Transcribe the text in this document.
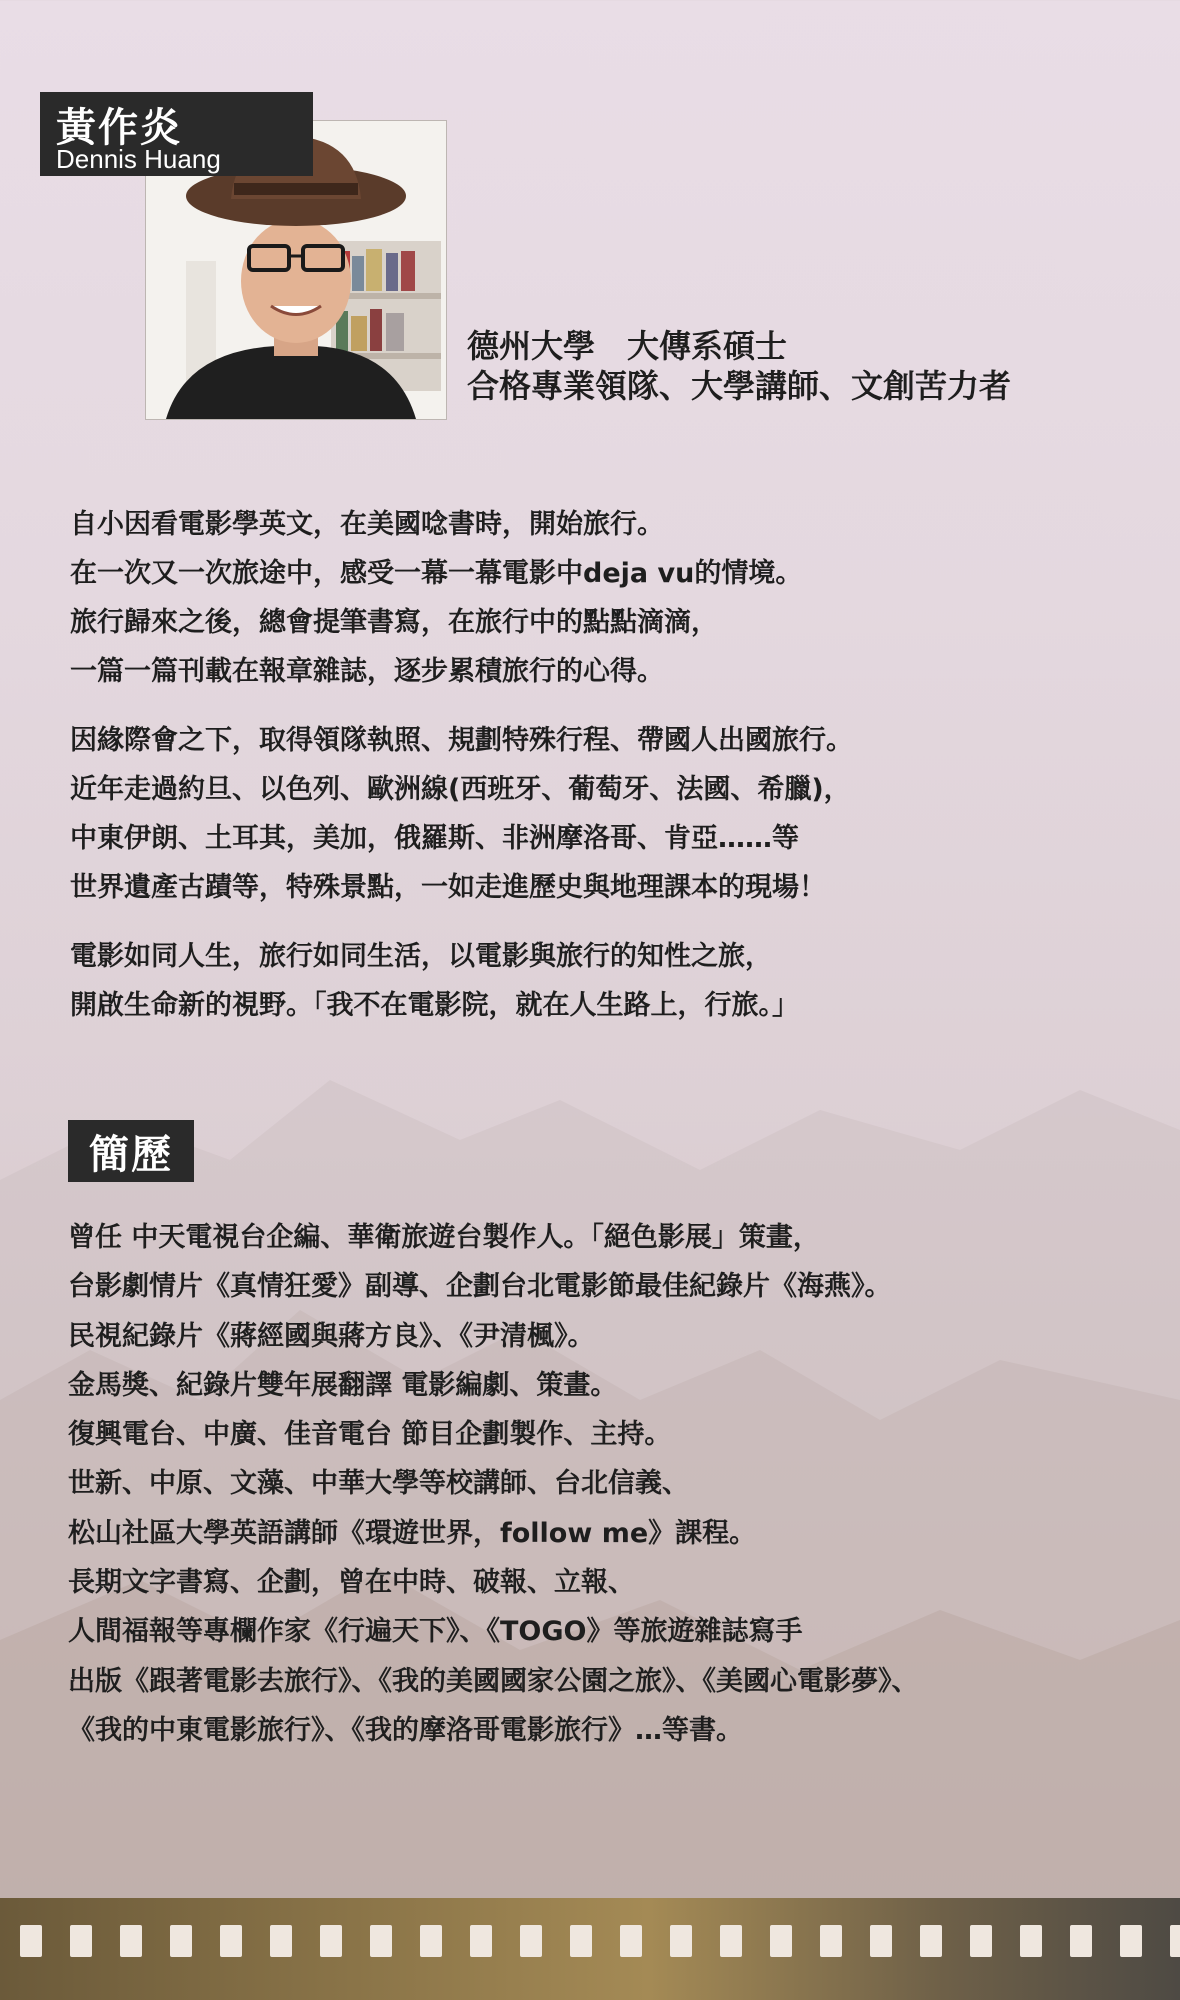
黃作炎
Dennis Huang
德州大學　大傳系碩士
合格專業領隊、大學講師、文創苦力者
自小因看電影學英文，在美國唸書時，開始旅行。
在一次又一次旅途中，感受一幕一幕電影中deja vu的情境。
旅行歸來之後，總會提筆書寫，在旅行中的點點滴滴，
一篇一篇刊載在報章雜誌，逐步累積旅行的心得。
因緣際會之下，取得領隊執照、規劃特殊行程、帶國人出國旅行。
近年走過約旦、以色列、歐洲線(西班牙、葡萄牙、法國、希臘)，
中東伊朗、土耳其，美加，俄羅斯、非洲摩洛哥、肯亞……等
世界遺產古蹟等，特殊景點，一如走進歷史與地理課本的現場！
電影如同人生，旅行如同生活，以電影與旅行的知性之旅，
開啟生命新的視野。「我不在電影院，就在人生路上，行旅。」
簡歷
曾任 中天電視台企編、華衛旅遊台製作人。「絕色影展」策畫，
台影劇情片《真情狂愛》副導、企劃台北電影節最佳紀錄片《海燕》。
民視紀錄片《蔣經國與蔣方良》、《尹清楓》。
金馬獎、紀錄片雙年展翻譯 電影編劇、策畫。
復興電台、中廣、佳音電台 節目企劃製作、主持。
世新、中原、文藻、中華大學等校講師、台北信義、
松山社區大學英語講師《環遊世界，follow me》課程。
長期文字書寫、企劃，曾在中時、破報、立報、
人間福報等專欄作家《行遍天下》、《TOGO》等旅遊雜誌寫手
出版《跟著電影去旅行》、《我的美國國家公園之旅》、《美國心電影夢》、
《我的中東電影旅行》、《我的摩洛哥電影旅行》…等書。
